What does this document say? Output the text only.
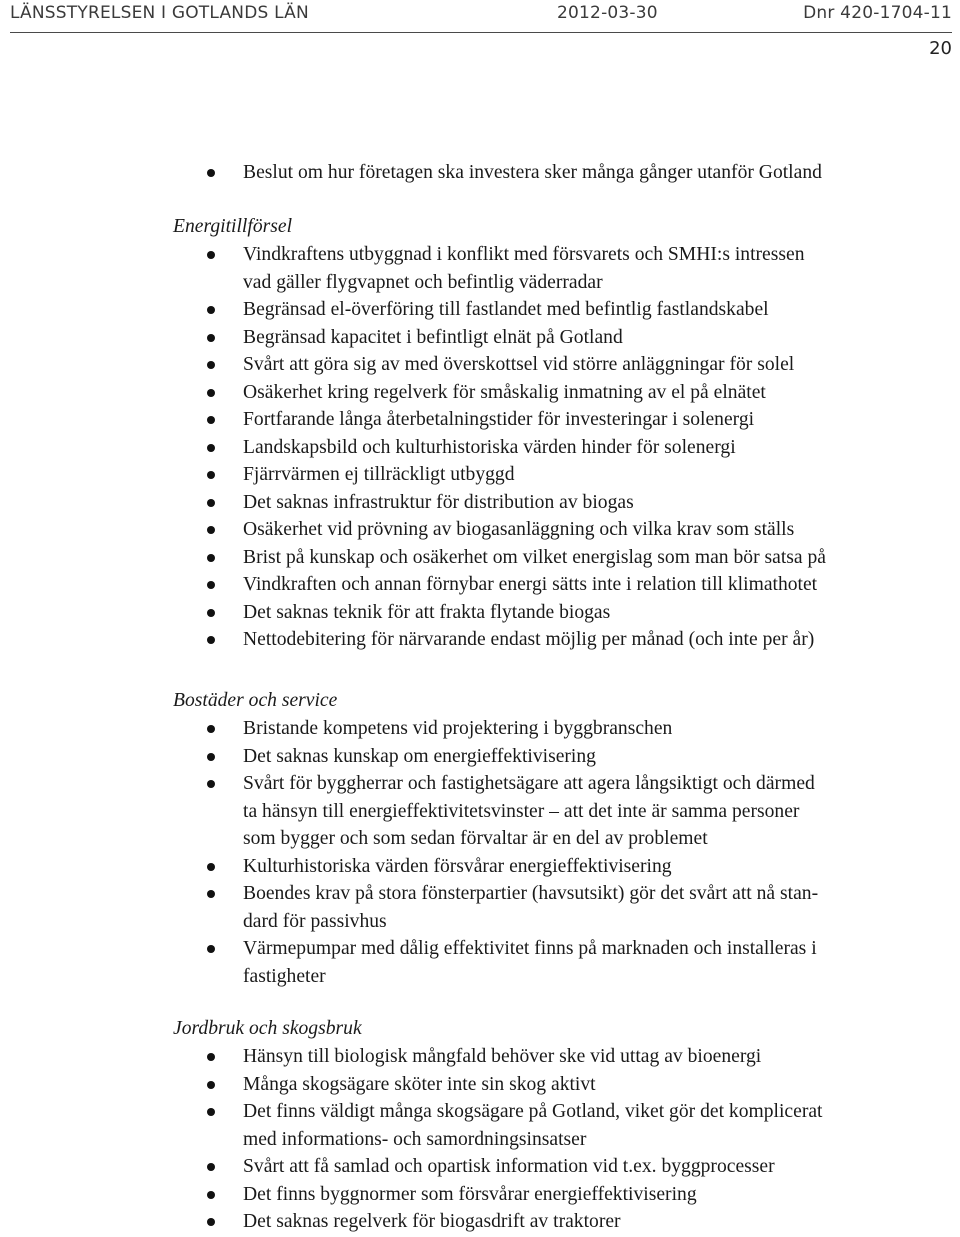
LÄNSSTYRELSEN I GOTLANDS LÄN	2012-03-30	Dnr 420-1704-11
20
Beslut om hur företagen ska investera sker många gånger utanför Gotland
Energitillförsel
Vindkraftens utbyggnad i konflikt med försvarets och SMHI:s intressen
vad gäller flygvapnet och befintlig väderradar
Begränsad el-överföring till fastlandet med befintlig fastlandskabel
Begränsad kapacitet i befintligt elnät på Gotland
Svårt att göra sig av med överskottsel vid större anläggningar för solel
Osäkerhet kring regelverk för småskalig inmatning av el på elnätet
Fortfarande långa återbetalningstider för investeringar i solenergi
Landskapsbild och kulturhistoriska värden hinder för solenergi
Fjärrvärmen ej tillräckligt utbyggd
Det saknas infrastruktur för distribution av biogas
Osäkerhet vid prövning av biogasanläggning och vilka krav som ställs
Brist på kunskap och osäkerhet om vilket energislag som man bör satsa på
Vindkraften och annan förnybar energi sätts inte i relation till klimathotet
Det saknas teknik för att frakta flytande biogas
Nettodebitering för närvarande endast möjlig per månad (och inte per år)
Bostäder och service
Bristande kompetens vid projektering i byggbranschen
Det saknas kunskap om energieffektivisering
Svårt för byggherrar och fastighetsägare att agera långsiktigt och därmed
ta hänsyn till energieffektivitetsvinster – att det inte är samma personer
som bygger och som sedan förvaltar är en del av problemet
Kulturhistoriska värden försvårar energieffektivisering
Boendes krav på stora fönsterpartier (havsutsikt) gör det svårt att nå stan-
dard för passivhus
Värmepumpar med dålig effektivitet finns på marknaden och installeras i
fastigheter
Jordbruk och skogsbruk
Hänsyn till biologisk mångfald behöver ske vid uttag av bioenergi
Många skogsägare sköter inte sin skog aktivt
Det finns väldigt många skogsägare på Gotland, viket gör det komplicerat
med informations- och samordningsinsatser
Svårt att få samlad och opartisk information vid t.ex. byggprocesser
Det finns byggnormer som försvårar energieffektivisering
Det saknas regelverk för biogasdrift av traktorer
